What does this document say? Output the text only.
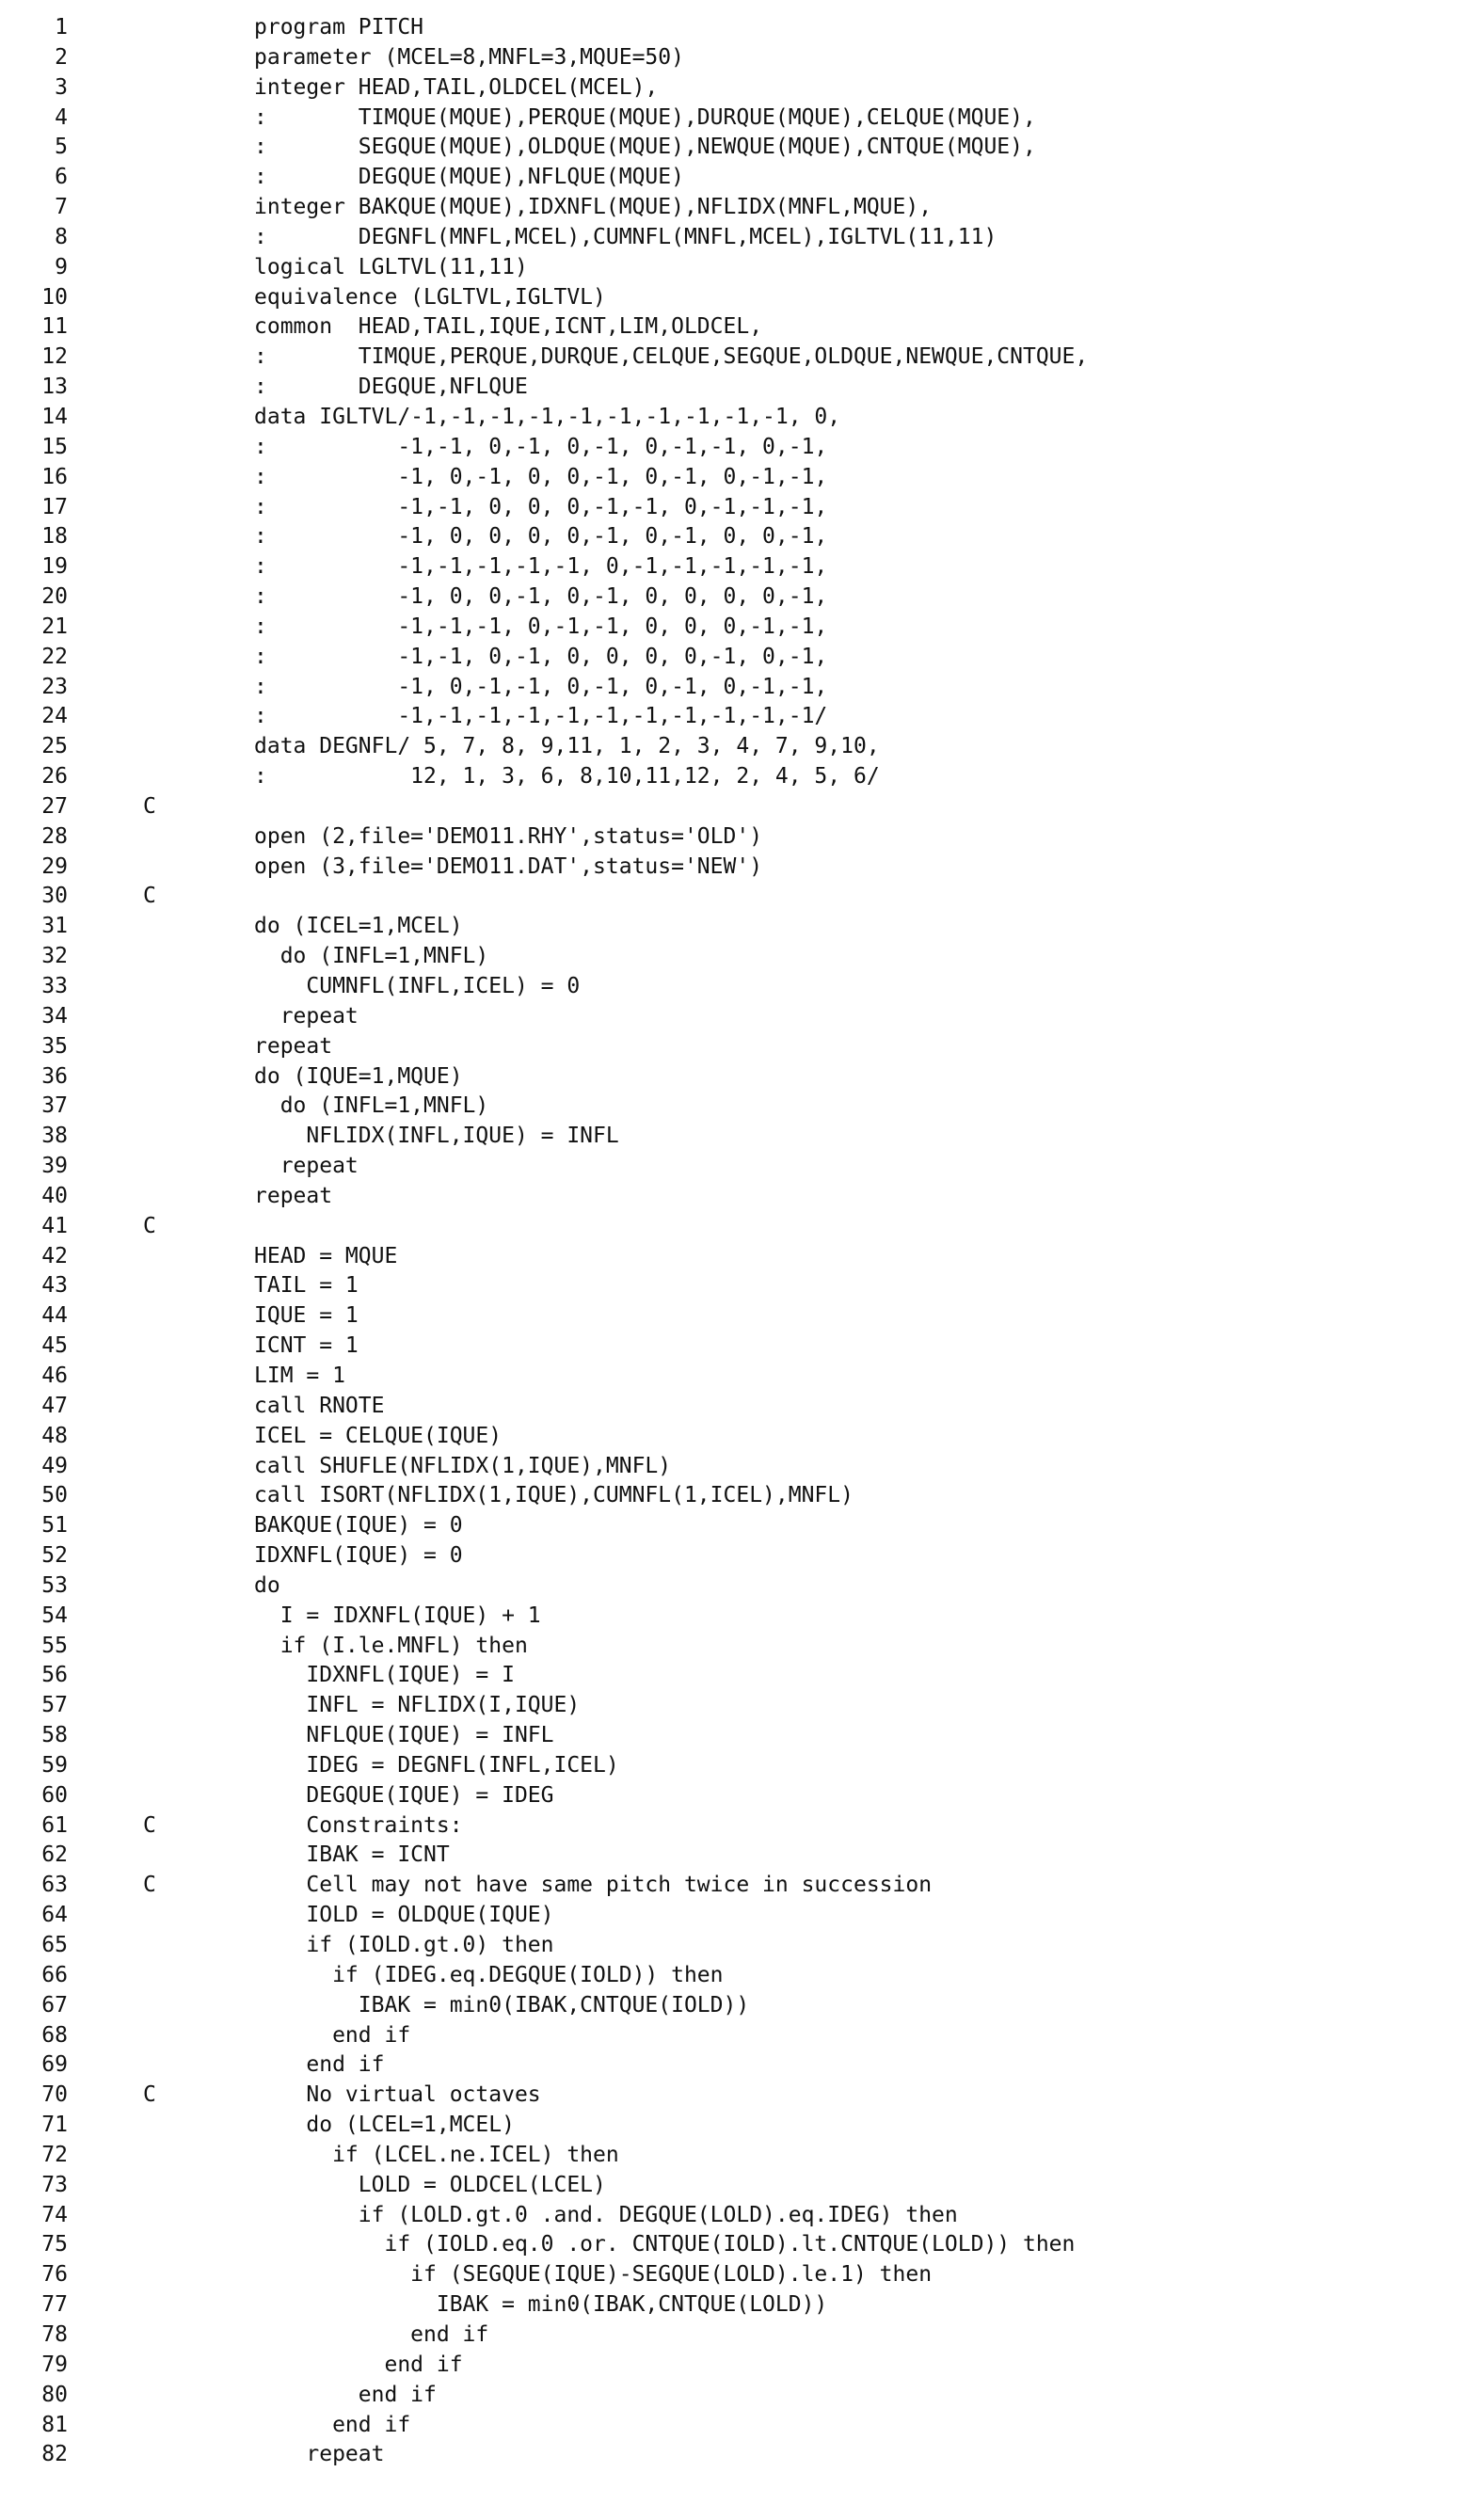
1	program PITCH
2	parameter (MCEL=8,MNFL=3,MQUE=50)
3	integer HEAD,TAIL,OLDCEL(MCEL),
4	:       TIMQUE(MQUE),PERQUE(MQUE),DURQUE(MQUE),CELQUE(MQUE),
5	:       SEGQUE(MQUE),OLDQUE(MQUE),NEWQUE(MQUE),CNTQUE(MQUE),
6	:       DEGQUE(MQUE),NFLQUE(MQUE)
7	integer BAKQUE(MQUE),IDXNFL(MQUE),NFLIDX(MNFL,MQUE),
8	:       DEGNFL(MNFL,MCEL),CUMNFL(MNFL,MCEL),IGLTVL(11,11)
9	logical LGLTVL(11,11)
10	equivalence (LGLTVL,IGLTVL)
11	common  HEAD,TAIL,IQUE,ICNT,LIM,OLDCEL,
12	:       TIMQUE,PERQUE,DURQUE,CELQUE,SEGQUE,OLDQUE,NEWQUE,CNTQUE,
13	:       DEGQUE,NFLQUE
14	data IGLTVL/-1,-1,-1,-1,-1,-1,-1,-1,-1,-1, 0,
15	:          -1,-1, 0,-1, 0,-1, 0,-1,-1, 0,-1,
16	:          -1, 0,-1, 0, 0,-1, 0,-1, 0,-1,-1,
17	:          -1,-1, 0, 0, 0,-1,-1, 0,-1,-1,-1,
18	:          -1, 0, 0, 0, 0,-1, 0,-1, 0, 0,-1,
19	:          -1,-1,-1,-1,-1, 0,-1,-1,-1,-1,-1,
20	:          -1, 0, 0,-1, 0,-1, 0, 0, 0, 0,-1,
21	:          -1,-1,-1, 0,-1,-1, 0, 0, 0,-1,-1,
22	:          -1,-1, 0,-1, 0, 0, 0, 0,-1, 0,-1,
23	:          -1, 0,-1,-1, 0,-1, 0,-1, 0,-1,-1,
24	:          -1,-1,-1,-1,-1,-1,-1,-1,-1,-1,-1/
25	data DEGNFL/ 5, 7, 8, 9,11, 1, 2, 3, 4, 7, 9,10,
26	:           12, 1, 3, 6, 8,10,11,12, 2, 4, 5, 6/
27	C
28	open (2,file='DEMO11.RHY',status='OLD')
29	open (3,file='DEMO11.DAT',status='NEW')
30	C
31	do (ICEL=1,MCEL)
32	do (INFL=1,MNFL)
33	CUMNFL(INFL,ICEL) = 0
34	repeat
35	repeat
36	do (IQUE=1,MQUE)
37	do (INFL=1,MNFL)
38	NFLIDX(INFL,IQUE) = INFL
39	repeat
40	repeat
41	C
42	HEAD = MQUE
43	TAIL = 1
44	IQUE = 1
45	ICNT = 1
46	LIM = 1
47	call RNOTE
48	ICEL = CELQUE(IQUE)
49	call SHUFLE(NFLIDX(1,IQUE),MNFL)
50	call ISORT(NFLIDX(1,IQUE),CUMNFL(1,ICEL),MNFL)
51	BAKQUE(IQUE) = 0
52	IDXNFL(IQUE) = 0
53	do
54	I = IDXNFL(IQUE) + 1
55	if (I.le.MNFL) then
56	IDXNFL(IQUE) = I
57	INFL = NFLIDX(I,IQUE)
58	NFLQUE(IQUE) = INFL
59	IDEG = DEGNFL(INFL,ICEL)
60	DEGQUE(IQUE) = IDEG
61	C	Constraints:
62	IBAK = ICNT
63	C	Cell may not have same pitch twice in succession
64	IOLD = OLDQUE(IQUE)
65	if (IOLD.gt.0) then
66	if (IDEG.eq.DEGQUE(IOLD)) then
67	IBAK = min0(IBAK,CNTQUE(IOLD))
68	end if
69	end if
70	C	No virtual octaves
71	do (LCEL=1,MCEL)
72	if (LCEL.ne.ICEL) then
73	LOLD = OLDCEL(LCEL)
74	if (LOLD.gt.0 .and. DEGQUE(LOLD).eq.IDEG) then
75	if (IOLD.eq.0 .or. CNTQUE(IOLD).lt.CNTQUE(LOLD)) then
76	if (SEGQUE(IQUE)-SEGQUE(LOLD).le.1) then
77	IBAK = min0(IBAK,CNTQUE(LOLD))
78	end if
79	end if
80	end if
81	end if
82	repeat
